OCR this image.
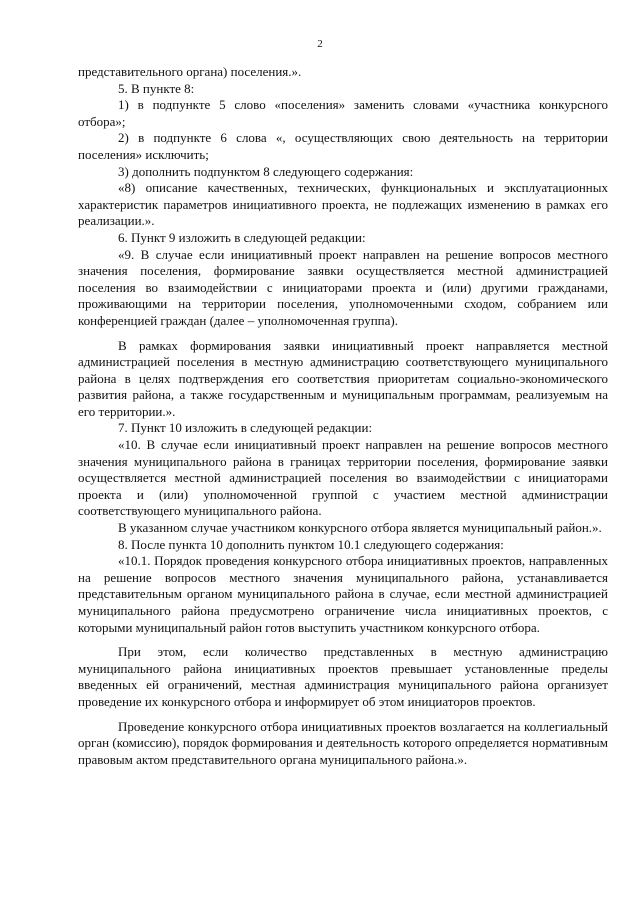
2

представительного органа) поселения.».

5. В пункте 8:

1) в подпункте 5 слово «поселения» заменить словами «участника конкурсного отбора»;

2) в подпункте 6 слова «, осуществляющих свою деятельность на территории поселения» исключить;

3) дополнить подпунктом 8 следующего содержания:

«8) описание качественных, технических, функциональных и эксплуатационных характеристик параметров инициативного проекта, не подлежащих изменению в рамках его реализации.».

6. Пункт 9 изложить в следующей редакции:

«9. В случае если инициативный проект направлен на решение вопросов местного значения поселения, формирование заявки осуществляется местной администрацией поселения во взаимодействии с инициаторами проекта и (или) другими гражданами, проживающими на территории поселения, уполномоченными сходом, собранием или конференцией граждан (далее – уполномоченная группа).

В рамках формирования заявки инициативный проект направляется местной администрацией поселения в местную администрацию соответствующего муниципального района в целях подтверждения его соответствия приоритетам социально-экономического развития района, а также государственным и муниципальным программам, реализуемым на его территории.».

7. Пункт 10 изложить в следующей редакции:

«10. В случае если инициативный проект направлен на решение вопросов местного значения муниципального района в границах территории поселения, формирование заявки осуществляется местной администрацией поселения во взаимодействии с инициаторами проекта и (или) уполномоченной группой с участием местной администрации соответствующего муниципального района.

В указанном случае участником конкурсного отбора является муниципальный район.».

8. После пункта 10 дополнить пунктом 10.1 следующего содержания:

«10.1. Порядок проведения конкурсного отбора инициативных проектов, направленных на решение вопросов местного значения муниципального района, устанавливается представительным органом муниципального района в случае, если местной администрацией муниципального района предусмотрено ограничение числа инициативных проектов, с которыми муниципальный район готов выступить участником конкурсного отбора.

При этом, если количество представленных в местную администрацию муниципального района инициативных проектов превышает установленные пределы введенных ей ограничений, местная администрация муниципального района организует проведение их конкурсного отбора и информирует об этом инициаторов проектов.

Проведение конкурсного отбора инициативных проектов возлагается на коллегиальный орган (комиссию), порядок формирования и деятельность которого определяется нормативным правовым актом представительного органа муниципального района.».
